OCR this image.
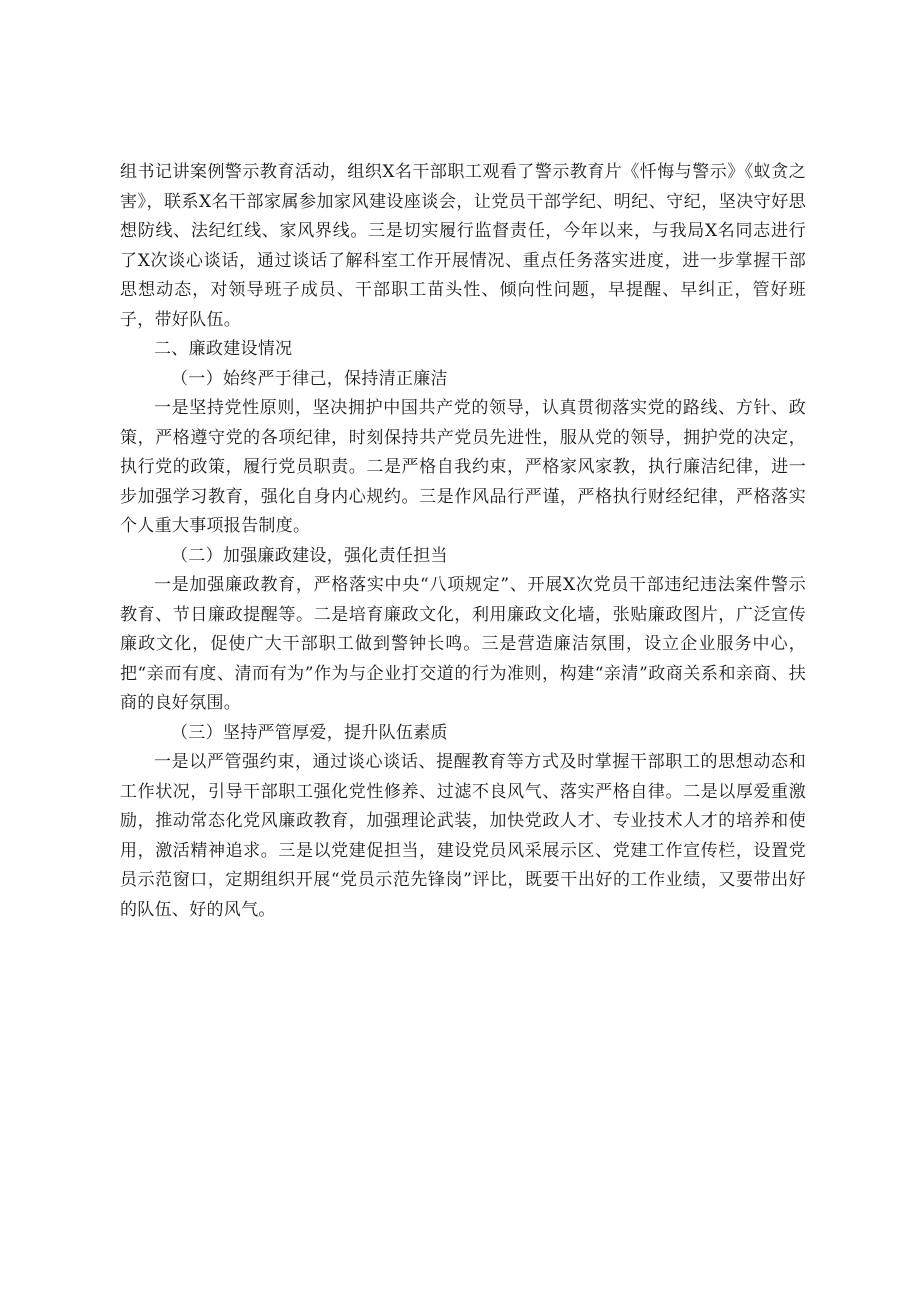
组书记讲案例警示教育活动，组织X名干部职工观看了警示教育片《忏悔与警示》《蚁贪之害》，联系X名干部家属参加家风建设座谈会，让党员干部学纪、明纪、守纪，坚决守好思想防线、法纪红线、家风界线。三是切实履行监督责任，今年以来，与我局X名同志进行了X次谈心谈话，通过谈话了解科室工作开展情况、重点任务落实进度，进一步掌握干部思想动态，对领导班子成员、干部职工苗头性、倾向性问题，早提醒、早纠正，管好班子，带好队伍。

二、廉政建设情况

（一）始终严于律己，保持清正廉洁

一是坚持党性原则，坚决拥护中国共产党的领导，认真贯彻落实党的路线、方针、政策，严格遵守党的各项纪律，时刻保持共产党员先进性，服从党的领导，拥护党的决定，执行党的政策，履行党员职责。二是严格自我约束，严格家风家教，执行廉洁纪律，进一步加强学习教育，强化自身内心规约。三是作风品行严谨，严格执行财经纪律，严格落实个人重大事项报告制度。

（二）加强廉政建设，强化责任担当

一是加强廉政教育，严格落实中央“八项规定”、开展X次党员干部违纪违法案件警示教育、节日廉政提醒等。二是培育廉政文化，利用廉政文化墙，张贴廉政图片，广泛宣传廉政文化，促使广大干部职工做到警钟长鸣。三是营造廉洁氛围，设立企业服务中心，把“亲而有度、清而有为”作为与企业打交道的行为准则，构建“亲清”政商关系和亲商、扶商的良好氛围。

（三）坚持严管厚爱，提升队伍素质

一是以严管强约束，通过谈心谈话、提醒教育等方式及时掌握干部职工的思想动态和工作状况，引导干部职工强化党性修养、过滤不良风气、落实严格自律。二是以厚爱重激励，推动常态化党风廉政教育，加强理论武装，加快党政人才、专业技术人才的培养和使用，激活精神追求。三是以党建促担当，建设党员风采展示区、党建工作宣传栏，设置党员示范窗口，定期组织开展“党员示范先锋岗”评比，既要干出好的工作业绩，又要带出好的队伍、好的风气。
